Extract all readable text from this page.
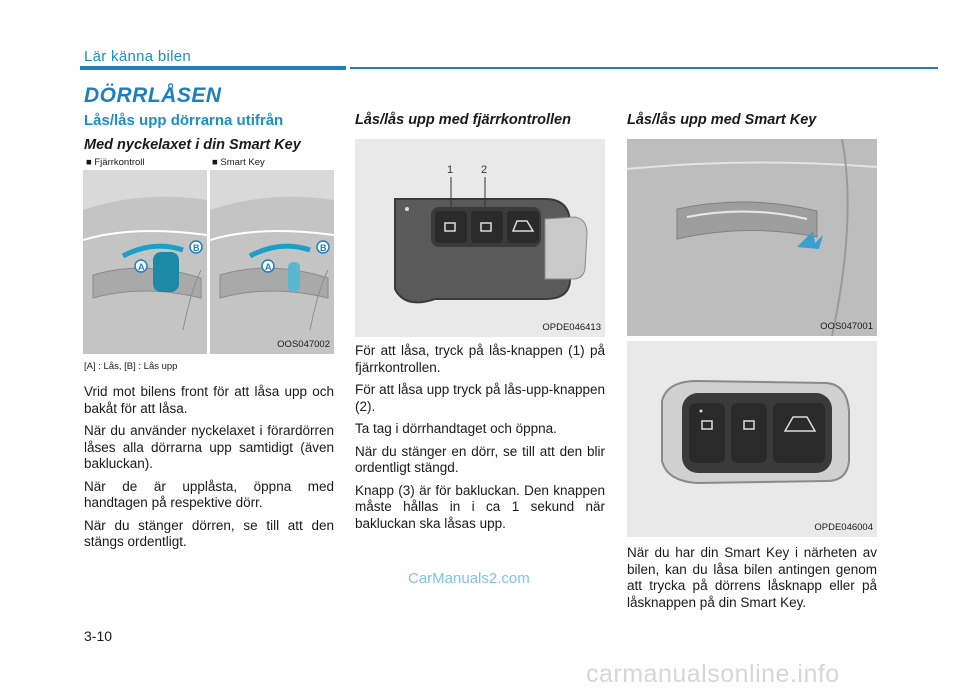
Lär känna bilen
DÖRRLÅSEN
Lås/lås upp dörrarna utifrån
Med nyckelaxet i din Smart Key
■ Fjärrkontroll	■ Smart Key
A
B
A
B
OOS047002
[A] : Lås, [B] : Lås upp

Vrid mot bilens front för att låsa upp och bakåt för att låsa.

När du använder nyckelaxet i förardörren låses alla dörrarna upp samtidigt (även bakluckan).

När de är upplåsta, öppna med handtagen på respektive dörr.

När du stänger dörren, se till att den stängs ordentligt.

Lås/lås upp med fjärrkontrollen
1	2
OPDE046413

För att låsa, tryck på lås-knappen (1) på fjärrkontrollen.

För att låsa upp tryck på lås-upp-knappen (2).

Ta tag i dörrhandtaget och öppna.

När du stänger en dörr, se till att den blir ordentligt stängd.

Knapp (3) är för bakluckan. Den knappen måste hållas in i ca 1 sekund när bakluckan ska låsas upp.

Lås/lås upp med Smart Key
OOS047001
OPDE046004

När du har din Smart Key i närheten av bilen, kan du låsa bilen antingen genom att trycka på dörrens låsknapp eller på låsknappen på din Smart Key.

CarManuals2.com
3-10
carmanualsonline.info
